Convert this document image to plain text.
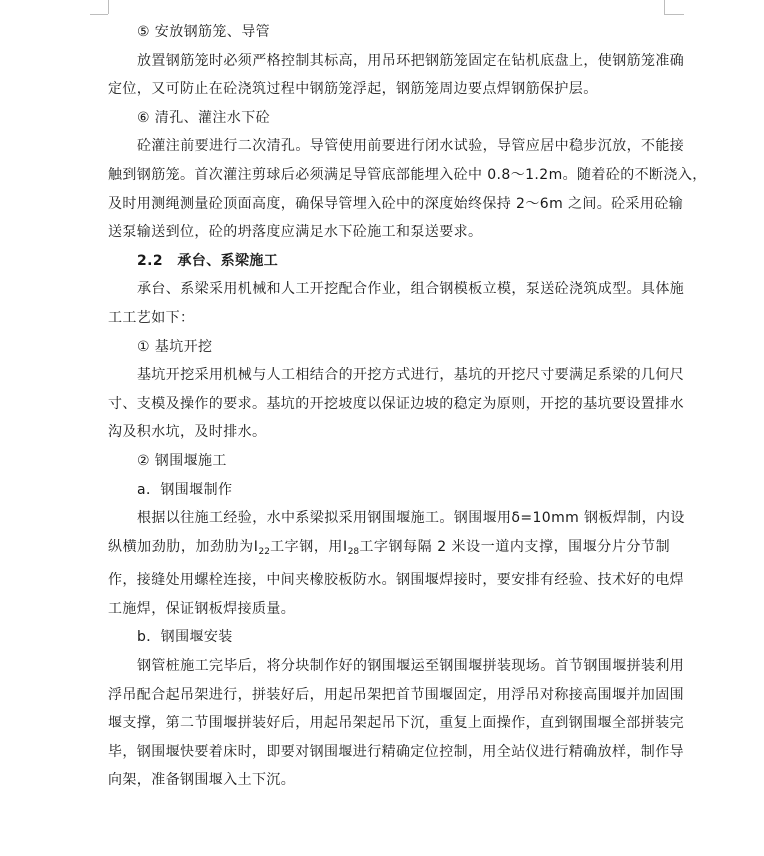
⑤ 安放钢筋笼、导管
放置钢筋笼时必须严格控制其标高，用吊环把钢筋笼固定在钻机底盘上，使钢筋笼准确
定位，又可防止在砼浇筑过程中钢筋笼浮起，钢筋笼周边要点焊钢筋保护层。
⑥ 清孔、灌注水下砼
砼灌注前要进行二次清孔。导管使用前要进行闭水试验，导管应居中稳步沉放，不能接
触到钢筋笼。首次灌注剪球后必须满足导管底部能埋入砼中 0.8～1.2m。随着砼的不断浇入，
及时用测绳测量砼顶面高度，确保导管埋入砼中的深度始终保持 2～6m 之间。砼采用砼输
送泵输送到位，砼的坍落度应满足水下砼施工和泵送要求。
2.2　承台、系梁施工
承台、系梁采用机械和人工开挖配合作业，组合钢模板立模，泵送砼浇筑成型。具体施
工工艺如下：
① 基坑开挖
基坑开挖采用机械与人工相结合的开挖方式进行，基坑的开挖尺寸要满足系梁的几何尺
寸、支模及操作的要求。基坑的开挖坡度以保证边坡的稳定为原则，开挖的基坑要设置排水
沟及积水坑，及时排水。
② 钢围堰施工
a．钢围堰制作
根据以往施工经验，水中系梁拟采用钢围堰施工。钢围堰用δ=10mm 钢板焊制，内设
纵横加劲肋，加劲肋为$Ⅰ_{22}$工字钢，用$Ⅰ_{28}$工字钢每隔 2 米设一道内支撑，围堰分片分节制
作，接缝处用螺栓连接，中间夹橡胶板防水。钢围堰焊接时，要安排有经验、技术好的电焊
工施焊，保证钢板焊接质量。
b．钢围堰安装
钢管桩施工完毕后，将分块制作好的钢围堰运至钢围堰拼装现场。首节钢围堰拼装利用
浮吊配合起吊架进行，拼装好后，用起吊架把首节围堰固定，用浮吊对称接高围堰并加固围
堰支撑，第二节围堰拼装好后，用起吊架起吊下沉，重复上面操作，直到钢围堰全部拼装完
毕，钢围堰快要着床时，即要对钢围堰进行精确定位控制，用全站仪进行精确放样，制作导
向架，准备钢围堰入土下沉。
